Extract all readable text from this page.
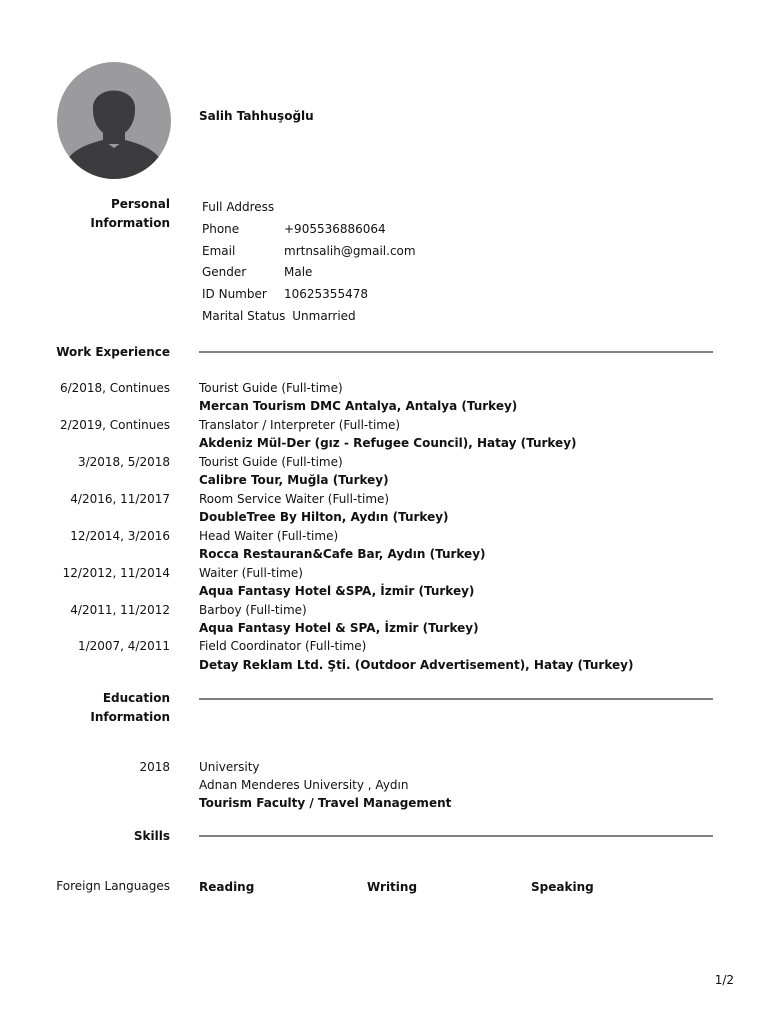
Salih Tahhuşoğlu
Personal
Information
Full Address
Phone	+905536886064
Email	mrtnsalih@gmail.com
Gender	Male
ID Number 10625355478
Marital Status Unmarried
Work Experience
6/2018, Continues Tourist Guide (Full-time)
Mercan Tourism DMC Antalya, Antalya (Turkey)
2/2019, Continues Translator / Interpreter (Full-time)
Akdeniz Mül-Der (gız - Refugee Council), Hatay (Turkey)
3/2018, 5/2018 Tourist Guide (Full-time)
Calibre Tour, Muğla (Turkey)
4/2016, 11/2017 Room Service Waiter (Full-time)
DoubleTree By Hilton, Aydın (Turkey)
12/2014, 3/2016 Head Waiter (Full-time)
Rocca Restauran&Cafe Bar, Aydın (Turkey)
12/2012, 11/2014 Waiter (Full-time)
Aqua Fantasy Hotel &SPA, İzmir (Turkey)
4/2011, 11/2012 Barboy (Full-time)
Aqua Fantasy Hotel & SPA, İzmir (Turkey)
1/2007, 4/2011 Field Coordinator (Full-time)
Detay Reklam Ltd. Şti. (Outdoor Advertisement), Hatay (Turkey)
Education
Information
2018 University
Adnan Menderes University , Aydın
Tourism Faculty / Travel Management
Skills
Foreign Languages Reading	Writing	Speaking
1/2
